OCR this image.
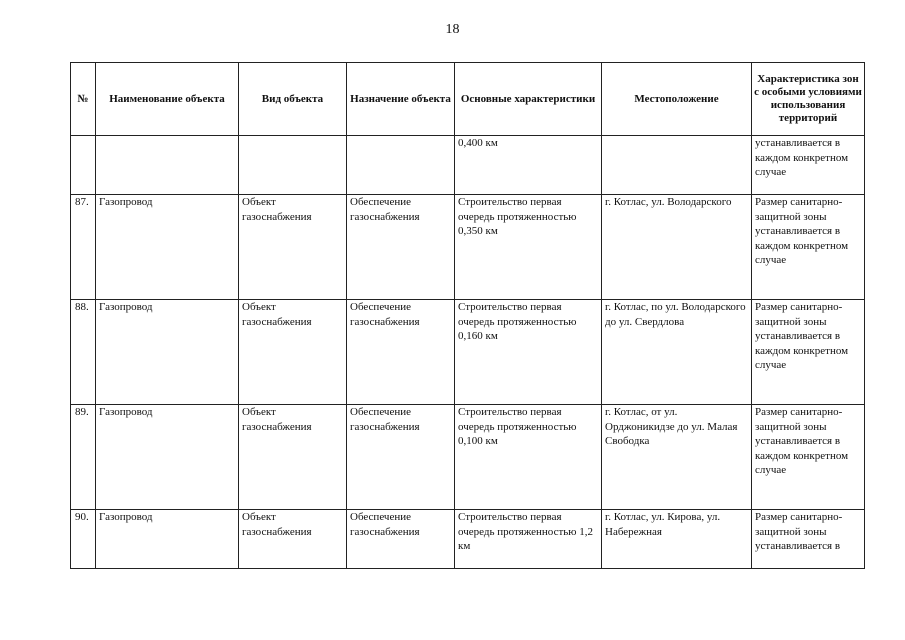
18
№	Наименование объекта	Вид объекта	Назначение объекта	Основные характеристики	Местоположение	Характеристика зон с особыми условиями использования территорий
				0,400 км		устанавливается в каждом конкретном случае
87.	Газопровод	Объект газоснабжения	Обеспечение газоснабжения	Строительство первая очередь протяженностью 0,350 км	г. Котлас, ул. Володарского	Размер санитарно-защитной зоны устанавливается в каждом конкретном случае
88.	Газопровод	Объект газоснабжения	Обеспечение газоснабжения	Строительство первая очередь протяженностью 0,160 км	г. Котлас, по ул. Володарского до ул. Свердлова	Размер санитарно-защитной зоны устанавливается в каждом конкретном случае
89.	Газопровод	Объект газоснабжения	Обеспечение газоснабжения	Строительство первая очередь протяженностью 0,100 км	г. Котлас, от ул. Орджоникидзе до ул. Малая Свободка	Размер санитарно-защитной зоны устанавливается в каждом конкретном случае
90.	Газопровод	Объект газоснабжения	Обеспечение газоснабжения	Строительство первая очередь протяженностью 1,2 км	г. Котлас, ул. Кирова, ул. Набережная	Размер санитарно-защитной зоны устанавливается в
